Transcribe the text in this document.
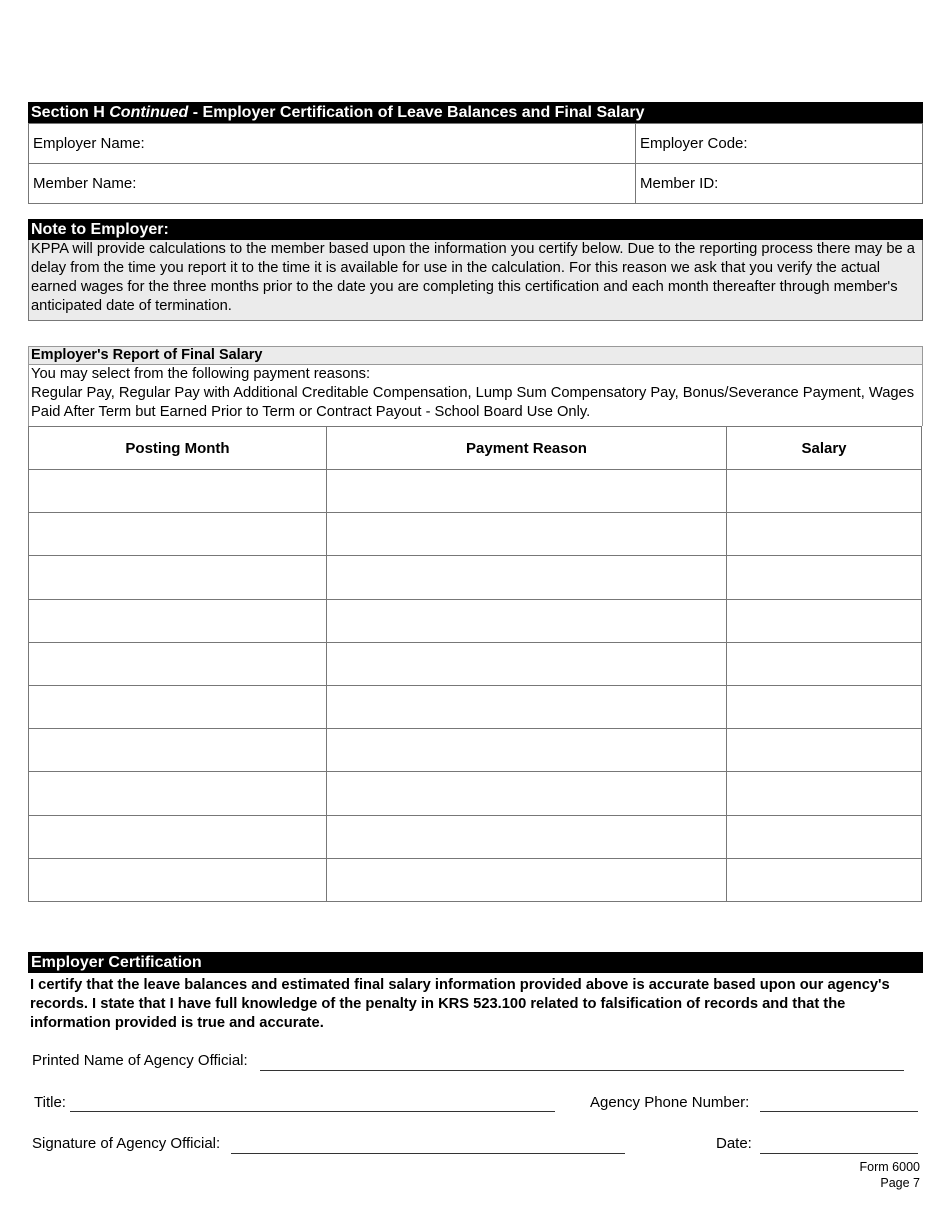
Section H Continued - Employer Certification of Leave Balances and Final Salary
Employer Name:	Employer Code:
Member Name:	Member ID:
Note to Employer:
KPPA will provide calculations to the member based upon the information you certify below. Due to the reporting process there may be a delay from the time you report it to the time it is available for use in the calculation. For this reason we ask that you verify the actual earned wages for the three months prior to the date you are completing this certification and each month thereafter through member's anticipated date of termination.
Employer's Report of Final Salary
You may select from the following payment reasons:
Regular Pay, Regular Pay with Additional Creditable Compensation, Lump Sum Compensatory Pay, Bonus/Severance Payment, Wages Paid After Term but Earned Prior to Term or Contract Payout - School Board Use Only.
Posting Month	Payment Reason	Salary

Employer Certification
I certify that the leave balances and estimated final salary information provided above is accurate based upon our agency's records. I state that I have full knowledge of the penalty in KRS 523.100 related to falsification of records and that the information provided is true and accurate.
Printed Name of Agency Official:
Title:	Agency Phone Number:
Signature of Agency Official:	Date:
Form 6000
Page 7
